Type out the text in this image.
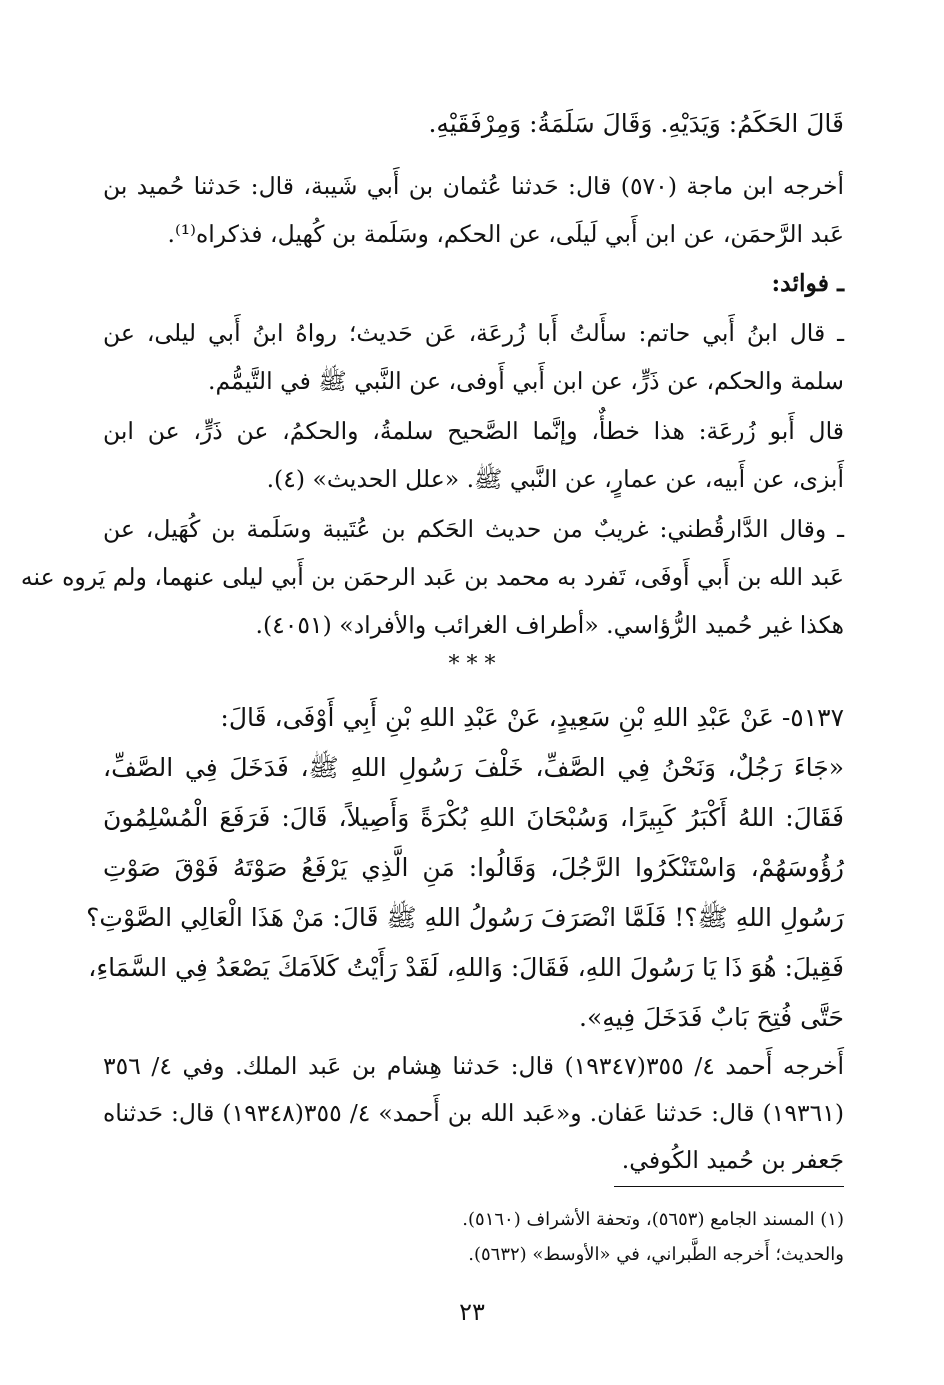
قَالَ الحَكَمُ: وَيَدَيْهِ. وَقَالَ سَلَمَةُ: وَمِرْفَقَيْهِ.
أخرجه ابن ماجة (٥٧٠) قال: حَدثنا عُثمان بن أَبي شَيبة، قال: حَدثنا حُميد بن
عَبد الرَّحمَن، عن ابن أَبي لَيلَى، عن الحكم، وسَلَمة بن كُهيل، فذكراه⁽¹⁾.
ـ فوائد:
ـ قال ابنُ أَبي حاتم: سأَلتُ أَبا زُرعَة، عَن حَديث؛ رواهُ ابنُ أَبي ليلى، عن
سلمة والحكم، عن ذَرٍّ، عن ابن أَبي أَوفى، عن النَّبي ﷺ في التَّيمُّم.
قال أَبو زُرعَة: هذا خطأٌ، وإنَّما الصَّحيح سلمةُ، والحكمُ، عن ذَرٍّ، عن ابن
أَبزى، عن أَبيه، عن عمارٍ، عن النَّبي ﷺ. «علل الحديث» (٤).
ـ وقال الدَّارقُطني: غريبٌ من حديث الحَكم بن عُتَيبة وسَلَمة بن كُهَيل، عن
عَبد الله بن أَبي أَوفَى، تَفرد به محمد بن عَبد الرحمَن بن أَبي ليلى عنهما، ولم يَروه عنه
هكذا غير حُميد الرُّؤاسي. «أطراف الغرائب والأفراد» (٤٠٥١).
* * *
٥١٣٧- عَنْ عَبْدِ اللهِ بْنِ سَعِيدٍ، عَنْ عَبْدِ اللهِ بْنِ أَبِي أَوْفَى، قَالَ:
«جَاءَ رَجُلٌ، وَنَحْنُ فِي الصَّفِّ، خَلْفَ رَسُولِ اللهِ ﷺ، فَدَخَلَ فِي الصَّفِّ،
فَقَالَ: اللهُ أَكْبَرُ كَبِيرًا، وَسُبْحَانَ اللهِ بُكْرَةً وَأَصِيلاً، قَالَ: فَرَفَعَ الْمُسْلِمُونَ
رُؤُوسَهُمْ، وَاسْتَنْكَرُوا الرَّجُلَ، وَقَالُوا: مَنِ الَّذِي يَرْفَعُ صَوْتَهُ فَوْقَ صَوْتِ
رَسُولِ اللهِ ﷺ؟! فَلَمَّا انْصَرَفَ رَسُولُ اللهِ ﷺ قَالَ: مَنْ هَذَا الْعَالِي الصَّوْتِ؟
فَقِيلَ: هُوَ ذَا يَا رَسُولَ اللهِ، فَقَالَ: وَاللهِ، لَقَدْ رَأَيْتُ كَلاَمَكَ يَصْعَدُ فِي السَّمَاءِ،
حَتَّى فُتِحَ بَابٌ فَدَخَلَ فِيهِ».
أَخرجه أَحمد ٤/ ٣٥٥(١٩٣٤٧) قال: حَدثنا هِشام بن عَبد الملك. وفي ٤/ ٣٥٦
(١٩٣٦١) قال: حَدثنا عَفان. و«عَبد الله بن أَحمد» ٤/ ٣٥٥(١٩٣٤٨) قال: حَدثناه
جَعفر بن حُميد الكُوفي.
(١) المسند الجامع (٥٦٥٣)، وتحفة الأشراف (٥١٦٠).
والحديث؛ أَخرجه الطَّبراني، في «الأوسط» (٥٦٣٢).
٢٣
